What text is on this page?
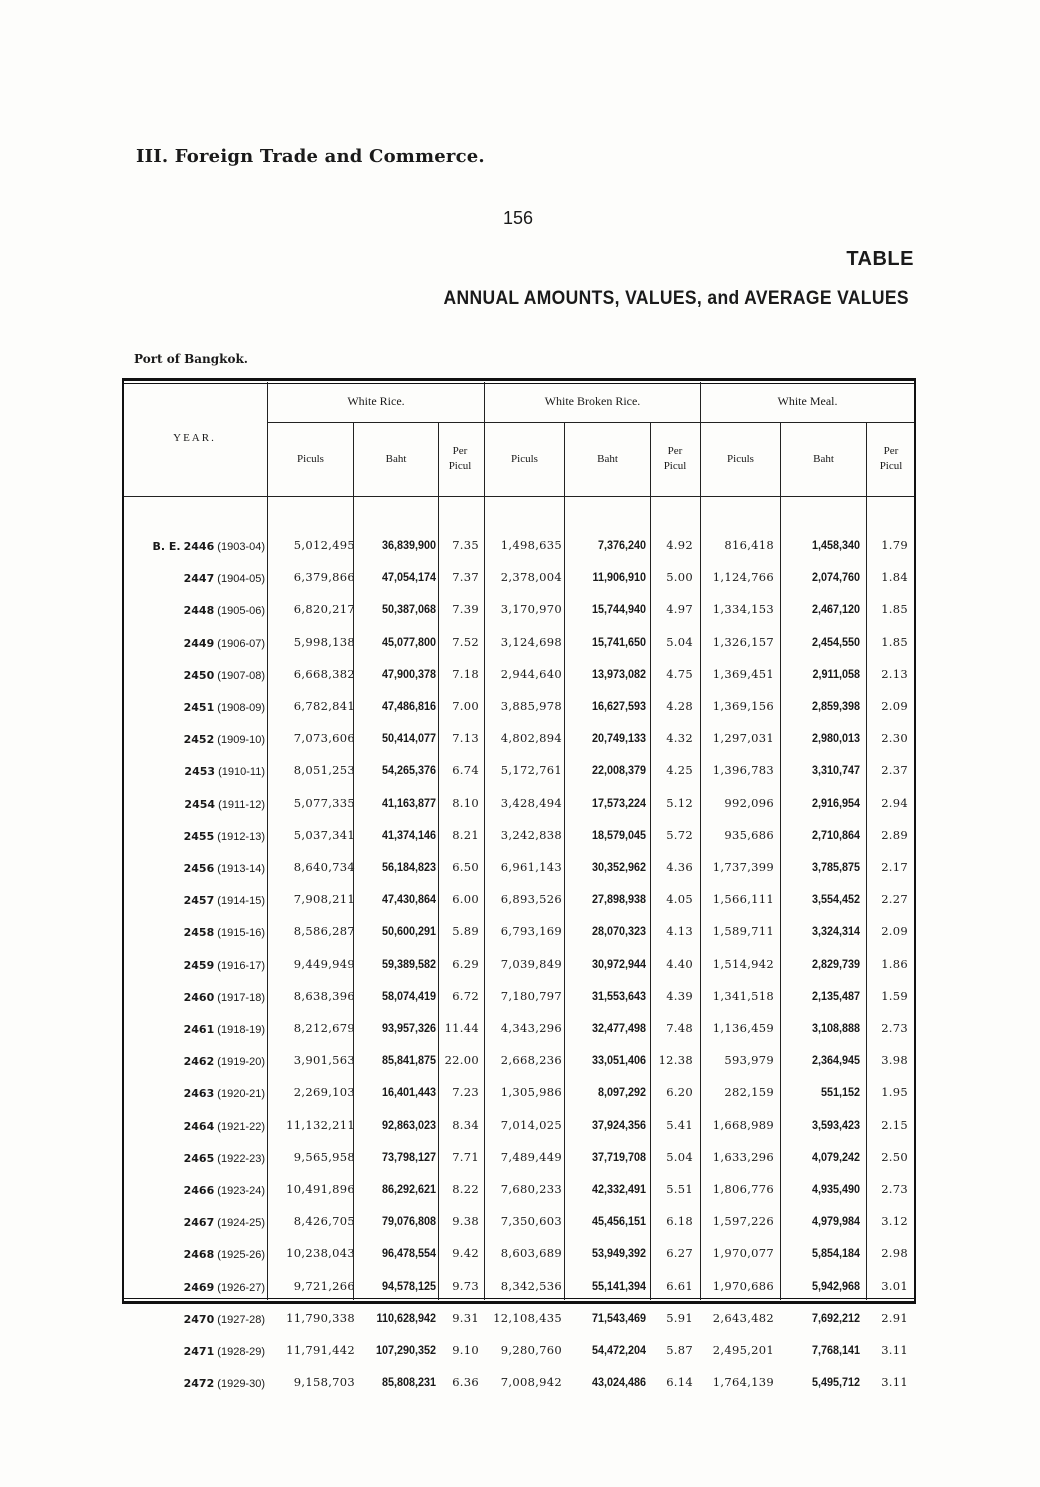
III. Foreign Trade and Commerce.
156
TABLE
ANNUAL AMOUNTS, VALUES, and AVERAGE VALUES
Port of Bangkok.
YEAR.
White Rice.	White Broken Rice.	White Meal.
Piculs	Baht
Per
Picul
Piculs	Baht
Per
Picul
Piculs	Baht
Per
Picul
B. E. 2446 (1903-04)	5,012,495	36,839,900	7.35	1,498,635	7,376,240	4.92	816,418	1,458,340	1.79
2447 (1904-05)	6,379,866	47,054,174	7.37	2,378,004	11,906,910	5.00	1,124,766	2,074,760	1.84
2448 (1905-06)	6,820,217	50,387,068	7.39	3,170,970	15,744,940	4.97	1,334,153	2,467,120	1.85
2449 (1906-07)	5,998,138	45,077,800	7.52	3,124,698	15,741,650	5.04	1,326,157	2,454,550	1.85
2450 (1907-08)	6,668,382	47,900,378	7.18	2,944,640	13,973,082	4.75	1,369,451	2,911,058	2.13
2451 (1908-09)	6,782,841	47,486,816	7.00	3,885,978	16,627,593	4.28	1,369,156	2,859,398	2.09
2452 (1909-10)	7,073,606	50,414,077	7.13	4,802,894	20,749,133	4.32	1,297,031	2,980,013	2.30
2453 (1910-11)	8,051,253	54,265,376	6.74	5,172,761	22,008,379	4.25	1,396,783	3,310,747	2.37
2454 (1911-12)	5,077,335	41,163,877	8.10	3,428,494	17,573,224	5.12	992,096	2,916,954	2.94
2455 (1912-13)	5,037,341	41,374,146	8.21	3,242,838	18,579,045	5.72	935,686	2,710,864	2.89
2456 (1913-14)	8,640,734	56,184,823	6.50	6,961,143	30,352,962	4.36	1,737,399	3,785,875	2.17
2457 (1914-15)	7,908,211	47,430,864	6.00	6,893,526	27,898,938	4.05	1,566,111	3,554,452	2.27
2458 (1915-16)	8,586,287	50,600,291	5.89	6,793,169	28,070,323	4.13	1,589,711	3,324,314	2.09
2459 (1916-17)	9,449,949	59,389,582	6.29	7,039,849	30,972,944	4.40	1,514,942	2,829,739	1.86
2460 (1917-18)	8,638,396	58,074,419	6.72	7,180,797	31,553,643	4.39	1,341,518	2,135,487	1.59
2461 (1918-19)	8,212,679	93,957,326 11.44	4,343,296	32,477,498	7.48	1,136,459	3,108,888	2.73
2462 (1919-20)	3,901,563	85,841,875 22.00	2,668,236	33,051,406	12.38	593,979	2,364,945	3.98
2463 (1920-21)	2,269,103	16,401,443	7.23	1,305,986	8,097,292	6.20	282,159	551,152	1.95
2464 (1921-22)	11,132,211	92,863,023	8.34	7,014,025	37,924,356	5.41	1,668,989	3,593,423	2.15
2465 (1922-23)	9,565,958	73,798,127	7.71	7,489,449	37,719,708	5.04	1,633,296	4,079,242	2.50
2466 (1923-24)	10,491,896	86,292,621	8.22	7,680,233	42,332,491	5.51	1,806,776	4,935,490	2.73
2467 (1924-25)	8,426,705	79,076,808	9.38	7,350,603	45,456,151	6.18	1,597,226	4,979,984	3.12
2468 (1925-26)	10,238,043	96,478,554	9.42	8,603,689	53,949,392	6.27	1,970,077	5,854,184	2.98
2469 (1926-27)	9,721,266	94,578,125	9.73	8,342,536	55,141,394	6.61	1,970,686	5,942,968	3.01
2470 (1927-28)	11,790,338	110,628,942	9.31	12,108,435	71,543,469	5.91	2,643,482	7,692,212	2.91
2471 (1928-29)	11,791,442	107,290,352	9.10	9,280,760	54,472,204	5.87	2,495,201	7,768,141	3.11
2472 (1929-30)	9,158,703	85,808,231	6.36	7,008,942	43,024,486	6.14	1,764,139	5,495,712	3.11
